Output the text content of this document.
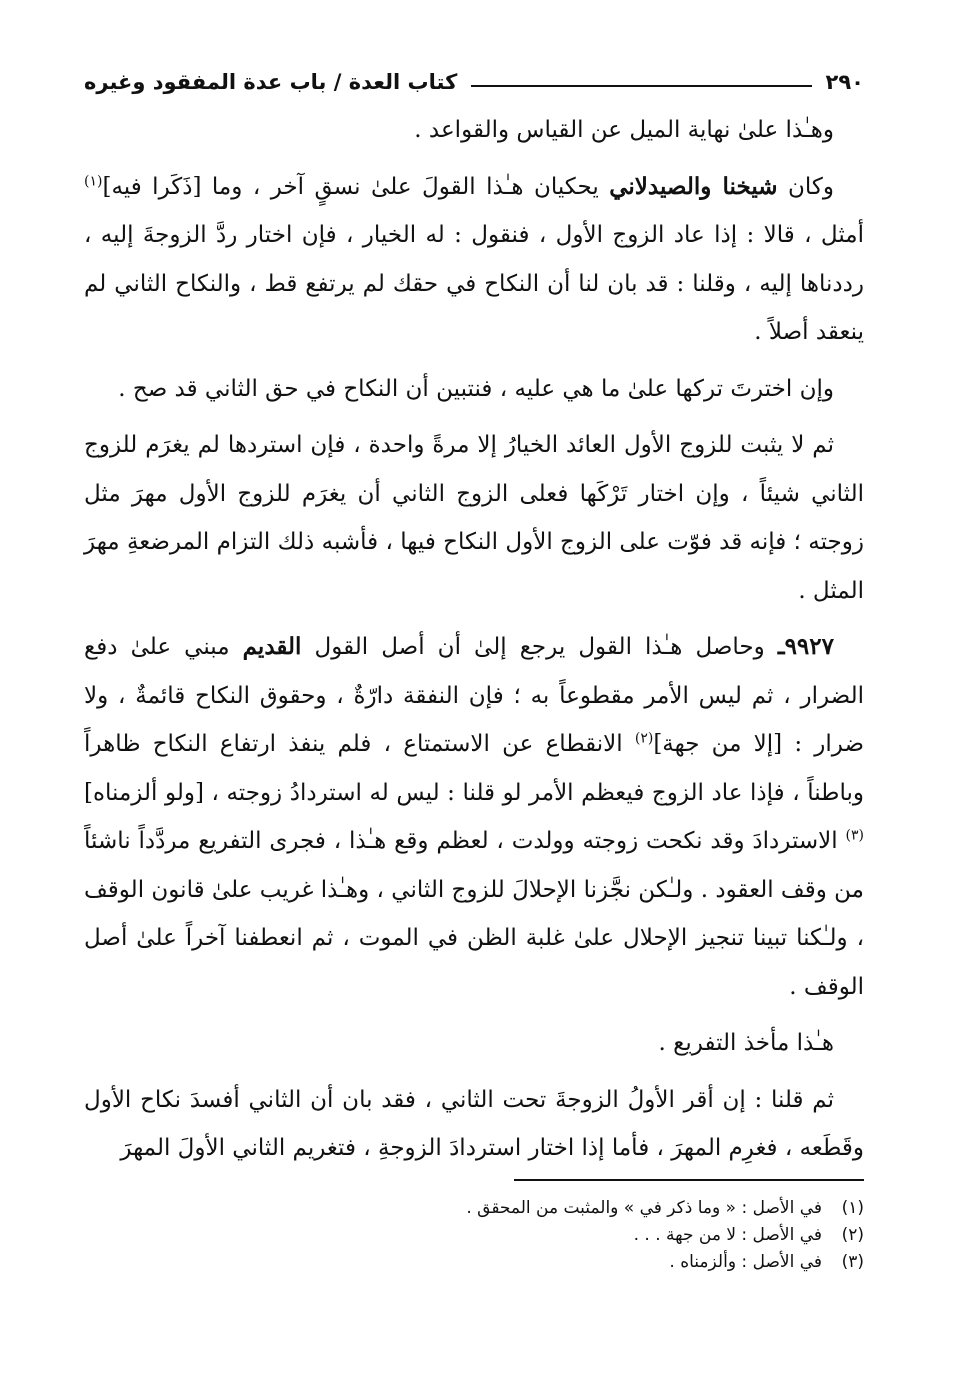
٢٩٠
كتاب العدة / باب عدة المفقود وغيره

وهـٰذا علىٰ نهاية الميل عن القياس والقواعد .

وكان شيخنا والصيدلاني يحكيان هـٰذا القولَ علىٰ نسقٍ آخر ، وما [ذَكَرا فيه]$^{(١)}$ أمثل ، قالا : إذا عاد الزوج الأول ، فنقول : له الخيار ، فإن اختار ردَّ الزوجةَ إليه ، رددناها إليه ، وقلنا : قد بان لنا أن النكاح في حقك لم يرتفع قط ، والنكاح الثاني لم ينعقد أصلاً .

وإن اخترتَ تركها علىٰ ما هي عليه ، فنتبين أن النكاح في حق الثاني قد صح .

ثم لا يثبت للزوج الأول العائد الخيارُ إلا مرةً واحدة ، فإن استردها لم يغرَم للزوج الثاني شيئاً ، وإن اختار تَرْكَها فعلى الزوج الثاني أن يغرَم للزوج الأول مهرَ مثل زوجته ؛ فإنه قد فوّت على الزوج الأول النكاح فيها ، فأشبه ذلك التزام المرضعةِ مهرَ المثل .

٩٩٢٧ـ وحاصل هـٰذا القول يرجع إلىٰ أن أصل القول القديم مبني علىٰ دفع الضرار ، ثم ليس الأمر مقطوعاً به ؛ فإن النفقة دارّةٌ ، وحقوق النكاح قائمةٌ ، ولا ضرار : [إلا من جهة]$^{(٢)}$ الانقطاع عن الاستمتاع ، فلم ينفذ ارتفاع النكاح ظاهراً وباطناً ، فإذا عاد الزوج فيعظم الأمر لو قلنا : ليس له استردادُ زوجته ، [ولو ألزمناه]$^{(٣)}$ الاستردادَ وقد نكحت زوجته وولدت ، لعظم وقع هـٰذا ، فجرى التفريع مردَّداً ناشئاً من وقف العقود . ولـٰكن نجَّزنا الإحلالَ للزوج الثاني ، وهـٰذا غريب علىٰ قانون الوقف ، ولـٰكنا تبينا تنجيز الإحلال علىٰ غلبة الظن في الموت ، ثم انعطفنا آخراً علىٰ أصل الوقف .

هـٰذا مأخذ التفريع .

ثم قلنا : إن أقر الأولُ الزوجةَ تحت الثاني ، فقد بان أن الثاني أفسدَ نكاح الأول وقَطَعه ، فغرِم المهرَ ، فأما إذا اختار استردادَ الزوجةِ ، فتغريم الثاني الأولَ المهرَ

(١)في الأصل : « وما ذكر في » والمثبت من المحقق .
(٢)في الأصل : لا من جهة . . .
(٣)في الأصل : وألزمناه .
